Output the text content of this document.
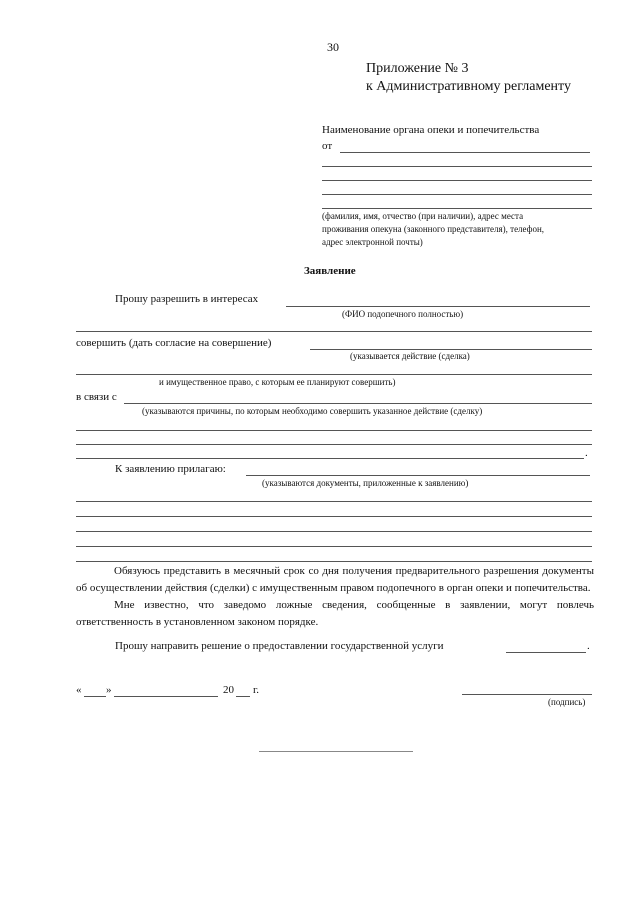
30
Приложение № 3
к Административному регламенту
Наименование органа опеки и попечительства
от
(фамилия, имя, отчество (при наличии), адрес места
проживания опекуна (законного представителя), телефон,
адрес электронной почты)
Заявление
Прошу разрешить в интересах
(ФИО подопечного полностью)
совершить (дать согласие на совершение)
(указывается действие (сделка)
и имущественное право, с которым ее планируют совершить)
в связи с
(указываются причины, по которым необходимо совершить указанное действие (сделку)
.
К заявлению прилагаю:
(указываются документы, приложенные к заявлению)

Обязуюсь представить в месячный срок со дня получения предварительного разрешения документы об осуществлении действия (сделки) с имущественным правом подопечного в орган опеки и попечительства.

Мне известно, что заведомо ложные сведения, сообщенные в заявлении, могут повлечь ответственность в установленном законом порядке.

Прошу направить решение о предоставлении государственной услуги	.
« »	20 г.
(подпись)
